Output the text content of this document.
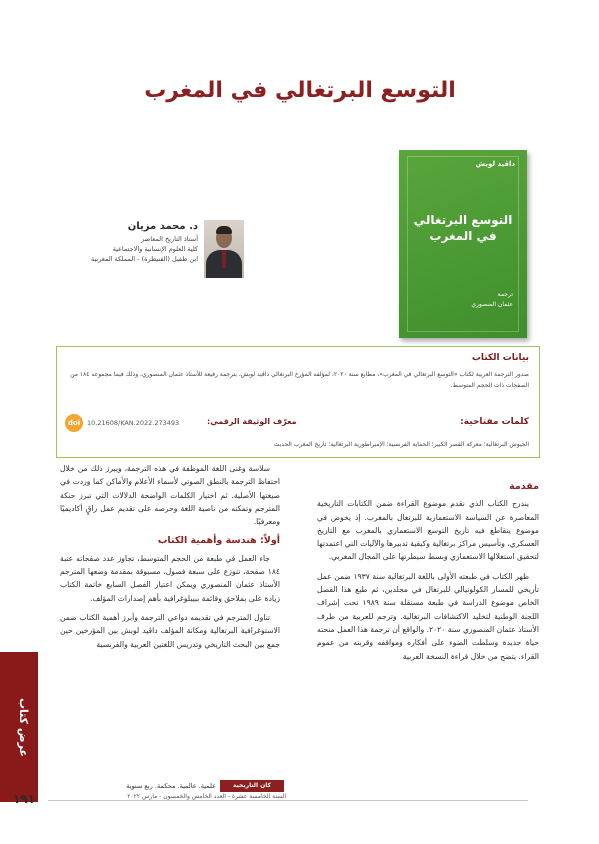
التوسع البرتغالي في المغرب
داڤيد لوبش
التوسع البرتغالي
في المغرب
ترجمة
عثمان المنصوري
د. محمد مزيان
أستاذ التاريخ المعاصر
كلية العلوم الإنسانية والاجتماعية
ابن طفيل (القنيطرة) - المملكة المغربية
بيانات الكتاب
صدور الترجمة العربية لكتاب «التوسع البرتغالي في المغرب»، مطابع سنة ٢٠٢٠، لمؤلفه المؤرخ البرتغالي داڤيد لوبش، بترجمة رفيعة للأستاذ عثمان المنصوري، وذلك فيما مجموعه ١٨٤ من الصفحات ذات الحجم المتوسط.
كلمات مفتاحية:
معرّف الوثيقة الرقمي:
10.21608/KAN.2022.273493
doi
الجيوش البرتغالية؛ معركة القصر الكبير؛ الحماية الفرنسية؛ الإمبراطورية البرتغالية؛ تاريخ المغرب الحديث
مقدمة

يندرج الكتاب الذي نقدم موضوع القراءة ضمن الكتابات التاريخية المعاصرة عن السياسة الاستعمارية للبرتغال بالمغرب. إذ يخوض في موضوع يتقاطع فيه تاريخ التوسع الاستعماري بالمغرب مع التاريخ العسكري، وتأسيس مراكز برتغالية وكيفية تدبيرها والآليات التي اعتمدتها لتحقيق استغلالها الاستعماري وبسط سيطرتها على المجال المغربي.

ظهر الكتاب في طبعته الأولى باللغة البرتغالية سنة ١٩٣٧ ضمن عمل تأريخي للمسار الكولونيالي للبرتغال في مجلدين، ثم طبع هذا الفصل الخاص موضوع الدراسة في طبعة مستقلة سنة ١٩٨٩ تحت إشراف اللجنة الوطنية لتخليد الاكتشافات البرتغالية. وترجم للعربية من طرف الأستاذ عثمان المنصوري سنة ٢٠٢٠. والواقع أن ترجمة هذا العمل منحته حياة جديدة وسلطت الضوء على أفكاره ومواقفه وقربته من عموم القراء. يتضح من خلال قراءة النسخة العربية

سلاسة وغنى اللغة الموظفة في هذه الترجمة، ويبرز ذلك من خلال احتفاظ الترجمة بالنطق الصوتي لأسماء الأعلام والأماكن كما وردت في صيغتها الأصلية. ثم اختيار الكلمات الواضحة الدلالات التي تبرز حنكة المترجم وتمكنه من ناصية اللغة وحرصه على تقديم عمل راقٍ أكاديميًا ومعرفيًا.

أولاً: هندسة وأهمية الكتاب

جاء العمل في طبعة من الحجم المتوسط، تجاوز عدد صفحاته عتبة ١٨٤ صفحة، تتوزع على سبعة فصول، مسبوقة بمقدمة وضعها المترجم الأستاذ عثمان المنصوري ويمكن اعتبار الفصل السابع خاتمة الكتاب زيادة على بملاحق وقائمة ببيبلوغرافية بأهم إصدارات المؤلف.

تناول المترجم في تقديمه دواعي الترجمة وأبرز أهمية الكتاب ضمن الاستوغرافية البرتغالية ومكانة المؤلف داڤيد لوبش بين المؤرخين حين جمع بين البحث التاريخي وتدريس اللغتين العربية والفرنسية

عرض كتاب
١٩١
كان التاريخية
علمية. عالمية. محكمة. ربع سنوية
السنة الخامسة عشرة - العدد الخامس والخمسون - مارس ٢٠٢٢
